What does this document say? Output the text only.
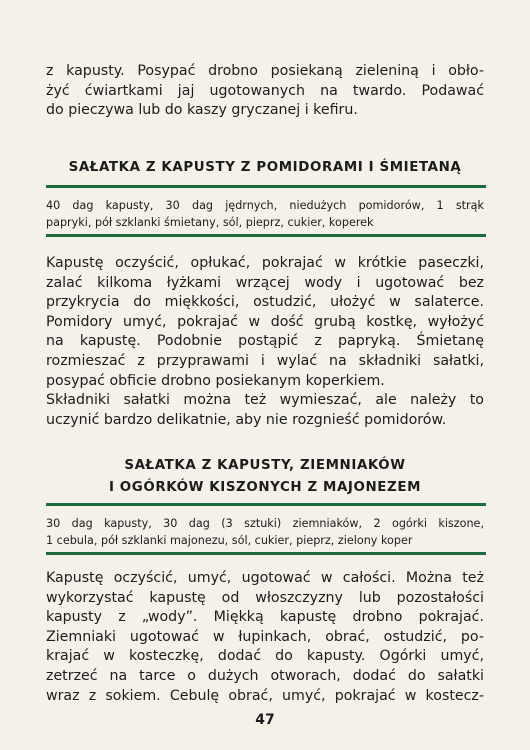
z kapusty. Posypać drobno posiekaną zieleniną i obło-
żyć ćwiartkami jaj ugotowanych na twardo. Podawać
do pieczywa lub do kaszy gryczanej i kefiru.

SAŁATKA Z KAPUSTY Z POMIDORAMI I ŚMIETANĄ

40 dag kapusty, 30 dag jędrnych, niedużych pomidorów, 1 strąk
papryki, pół szklanki śmietany, sól, pieprz, cukier, koperek

Kapustę oczyścić, opłukać, pokrajać w krótkie paseczki,
zalać kilkoma łyżkami wrzącej wody i ugotować bez
przykrycia do miękkości, ostudzić, ułożyć w salaterce.
Pomidory umyć, pokrajać w dość grubą kostkę, wyłożyć
na kapustę. Podobnie postąpić z papryką. Śmietanę
rozmieszać z przyprawami i wylać na składniki sałatki,
posypać obficie drobno posiekanym koperkiem.
Składniki sałatki można też wymieszać, ale należy to
uczynić bardzo delikatnie, aby nie rozgnieść pomidorów.

SAŁATKA Z KAPUSTY, ZIEMNIAKÓW
I OGÓRKÓW KISZONYCH Z MAJONEZEM

30 dag kapusty, 30 dag (3 sztuki) ziemniaków, 2 ogórki kiszone,
1 cebula, pół szklanki majonezu, sól, cukier, pieprz, zielony koper

Kapustę oczyścić, umyć, ugotować w całości. Można też
wykorzystać kapustę od włoszczyzny lub pozostałości
kapusty z „wody”. Miękką kapustę drobno pokrajać.
Ziemniaki ugotować w łupinkach, obrać, ostudzić, po-
krajać w kosteczkę, dodać do kapusty. Ogórki umyć,
zetrzeć na tarce o dużych otworach, dodać do sałatki
wraz z sokiem. Cebulę obrać, umyć, pokrajać w kostecz-

47
